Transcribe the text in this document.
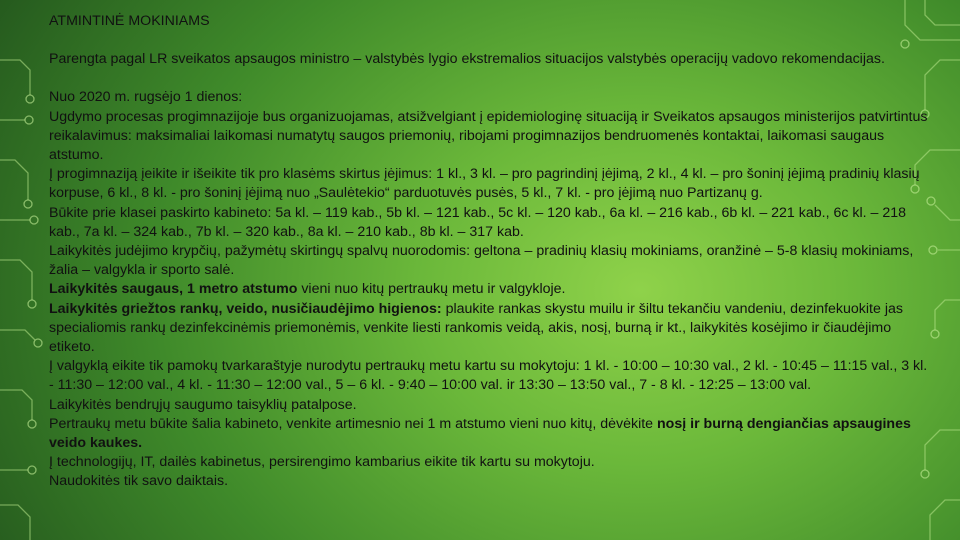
ATMINTINĖ MOKINIAMS

Parengta pagal LR sveikatos apsaugos ministro – valstybės lygio ekstremalios situacijos valstybės operacijų vadovo rekomendacijas.

Nuo 2020 m. rugsėjo 1 dienos:

Ugdymo procesas progimnazijoje bus organizuojamas, atsižvelgiant į epidemiologinę situaciją ir Sveikatos apsaugos ministerijos patvirtintus reikalavimus: maksimaliai laikomasi numatytų saugos priemonių, ribojami progimnazijos bendruomenės kontaktai, laikomasi saugaus atstumo.

Į progimnaziją įeikite ir išeikite tik pro klasėms skirtus įėjimus: 1 kl., 3 kl. – pro pagrindinį įėjimą, 2 kl., 4 kl. – pro šoninį įėjimą pradinių klasių korpuse, 6 kl., 8 kl. - pro šoninį įėjimą nuo „Saulėtekio“ parduotuvės pusės, 5 kl., 7 kl. - pro įėjimą nuo Partizanų g.

Būkite prie klasei paskirto kabineto: 5a kl. – 119 kab., 5b kl. – 121 kab., 5c kl. – 120 kab., 6a kl. – 216 kab., 6b kl. – 221 kab., 6c kl. – 218 kab., 7a kl. – 324 kab., 7b kl. – 320 kab., 8a kl. – 210 kab., 8b kl. – 317 kab.

Laikykitės judėjimo krypčių, pažymėtų skirtingų spalvų nuorodomis: geltona – pradinių klasių mokiniams, oranžinė – 5-8 klasių mokiniams, žalia – valgykla ir sporto salė.

Laikykitės saugaus, 1 metro atstumo vieni nuo kitų pertraukų metu ir valgykloje.

Laikykitės griežtos rankų, veido, nusičiaudėjimo higienos: plaukite rankas skystu muilu ir šiltu tekančiu vandeniu, dezinfekuokite jas specialiomis rankų dezinfekcinėmis priemonėmis, venkite liesti rankomis veidą, akis, nosį, burną ir kt., laikykitės kosėjimo ir čiaudėjimo etiketo.

Į valgyklą eikite tik pamokų tvarkaraštyje nurodytu pertraukų metu kartu su mokytoju: 1 kl. - 10:00 – 10:30 val., 2 kl. - 10:45 – 11:15 val., 3 kl. - 11:30 – 12:00 val., 4 kl. - 11:30 – 12:00 val., 5 – 6 kl. - 9:40 – 10:00 val. ir 13:30 – 13:50 val., 7 - 8 kl. - 12:25 – 13:00 val.

Laikykitės bendrųjų saugumo taisyklių patalpose.

Pertraukų metu būkite šalia kabineto, venkite artimesnio nei 1 m atstumo vieni nuo kitų, dėvėkite nosį ir burną dengiančias apsaugines veido kaukes.

Į technologijų, IT, dailės kabinetus, persirengimo kambarius eikite tik kartu su mokytoju.

Naudokitės tik savo daiktais.
